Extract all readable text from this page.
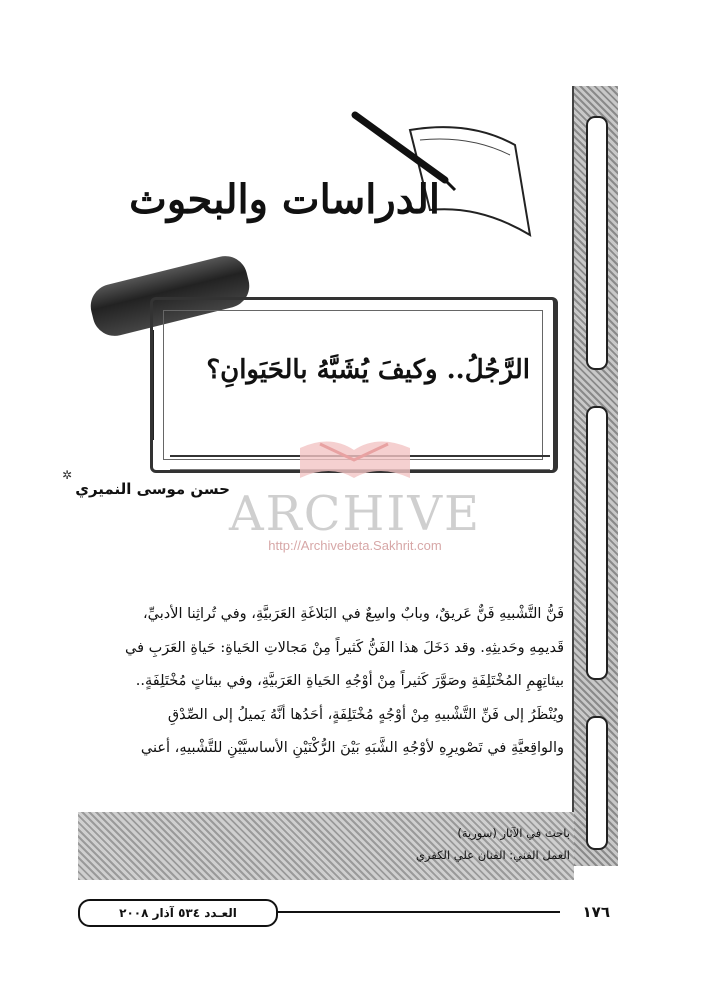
الدراسات والبحوث
الرَّجُلُ.. وكيفَ يُشَبَّهُ بالحَيَوانِ؟
✲
حسن موسى النميري
ARCHIVE
http://Archivebeta.Sakhrit.com
فَنُّ التَّشْبيهِ فَنٌّ عَريقٌ، وبابٌ واسِعٌ في البَلاغَةِ العَرَبيَّةِ، وفي تُراثِنا الأدبيِّ،
قَديمِهِ وحَديثِهِ. وقد دَخَلَ هذا الفَنُّ كَثيراً مِنْ مَجالاتِ الحَياةِ: حَياةِ العَرَبِ في
بيئاتِهِمِ المُخْتَلِفَةِ وصَوَّرَ كَثيراً مِنْ أوْجُهِ الحَياةِ العَرَبيَّةِ، وفي بيئاتٍ مُخْتَلِفَةٍ..
ويُنْظَرُ إلى فَنِّ التَّشْبيهِ مِنْ أوْجُهٍ مُخْتَلِفَةٍ، أحَدُها أنَّهُ يَميلُ إلى الصِّدْقِ
والواقِعيَّةِ في تَصْويرِهِ لأوْجُهِ الشَّبَهِ بَيْنَ الرُّكْنَيْنِ الأساسيَّيْنِ للتَّشْبيهِ، أعني
باحث في الآثار (سورية)
العمل الفني: الفنان علي الكفري
العـدد ٥٣٤ آذار ٢٠٠٨	١٧٦
